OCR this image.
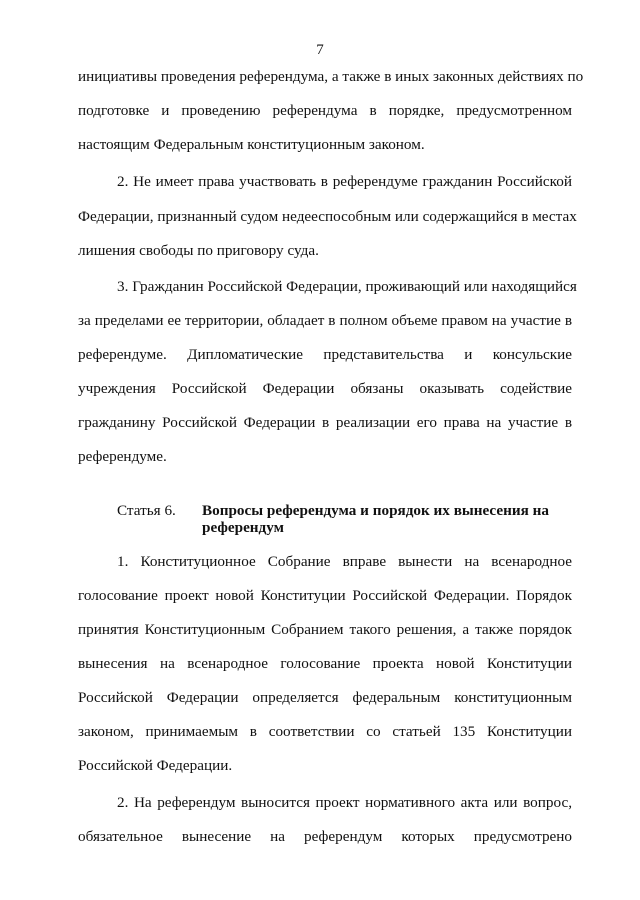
7
инициативы проведения референдума, а также в иных законных действиях по
подготовке и проведению референдума в порядке, предусмотренном
настоящим Федеральным конституционным законом.
2. Не имеет права участвовать в референдуме гражданин Российской
Федерации, признанный судом недееспособным или содержащийся в местах
лишения свободы по приговору суда.
3. Гражданин Российской Федерации, проживающий или находящийся
за пределами ее территории, обладает в полном объеме правом на участие в
референдуме. Дипломатические представительства и консульские
учреждения Российской Федерации обязаны оказывать содействие
гражданину Российской Федерации в реализации его права на участие в
референдуме.
Статья 6. Вопросы референдума и порядок их вынесения на
референдум
1. Конституционное Собрание вправе вынести на всенародное
голосование проект новой Конституции Российской Федерации. Порядок
принятия Конституционным Собранием такого решения, а также порядок
вынесения на всенародное голосование проекта новой Конституции
Российской Федерации определяется федеральным конституционным
законом, принимаемым в соответствии со статьей 135 Конституции
Российской Федерации.
2. На референдум выносится проект нормативного акта или вопрос,
обязательное вынесение на референдум которых предусмотрено
